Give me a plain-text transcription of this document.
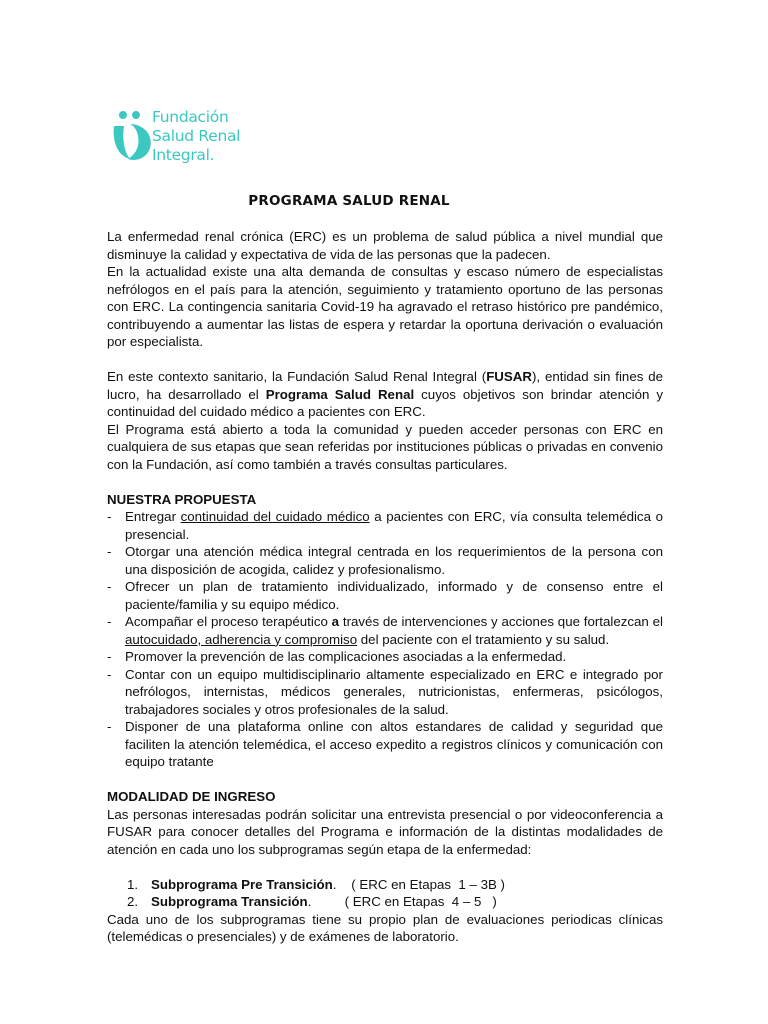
Fundación
Salud Renal
Integral.
PROGRAMA SALUD RENAL

La enfermedad renal crónica (ERC) es un problema de salud pública a nivel mundial que disminuye la calidad y expectativa de vida de las personas que la padecen.

En la actualidad existe una alta demanda de consultas y escaso número de especialistas nefrólogos en el país para la atención, seguimiento y tratamiento oportuno de las personas con ERC. La contingencia sanitaria Covid-19 ha agravado el retraso histórico pre pandémico, contribuyendo a aumentar las listas de espera y retardar la oportuna derivación o evaluación por especialista.

En este contexto sanitario, la Fundación Salud Renal Integral (FUSAR), entidad sin fines de lucro, ha desarrollado el Programa Salud Renal cuyos objetivos son brindar atención y continuidad del cuidado médico a pacientes con ERC.

El Programa está abierto a toda la comunidad y pueden acceder personas con ERC en cualquiera de sus etapas que sean referidas por instituciones públicas o privadas en convenio con la Fundación, así como también a través consultas particulares.

NUESTRA PROPUESTA

- Entregar continuidad del cuidado médico a pacientes con ERC, vía consulta telemédica o presencial.
- Otorgar una atención médica integral centrada en los requerimientos de la persona con una disposición de acogida, calidez y profesionalismo.
- Ofrecer un plan de tratamiento individualizado, informado y de consenso entre el paciente/familia y su equipo médico.
- Acompañar el proceso terapéutico a través de intervenciones y acciones que fortalezcan el autocuidado, adherencia y compromiso del paciente con el tratamiento y su salud.
- Promover la prevención de las complicaciones asociadas a la enfermedad.
- Contar con un equipo multidisciplinario altamente especializado en ERC e integrado por nefrólogos, internistas, médicos generales, nutricionistas, enfermeras, psicólogos, trabajadores sociales y otros profesionales de la salud.
- Disponer de una plataforma online con altos estandares de calidad y seguridad que faciliten la atención telemédica, el acceso expedito a registros clínicos y comunicación con equipo tratante

MODALIDAD DE INGRESO

Las personas interesadas podrán solicitar una entrevista presencial o por videoconferencia a FUSAR para conocer detalles del Programa e información de la distintas modalidades de atención en cada uno los subprogramas según etapa de la enfermedad:

1. Subprograma Pre Transición.    ( ERC en Etapas  1 – 3B )
2. Subprograma Transición.         ( ERC en Etapas  4 – 5   )

Cada uno de los subprogramas tiene su propio plan de evaluaciones periodicas clínicas (telemédicas o presenciales) y de exámenes de laboratorio.
